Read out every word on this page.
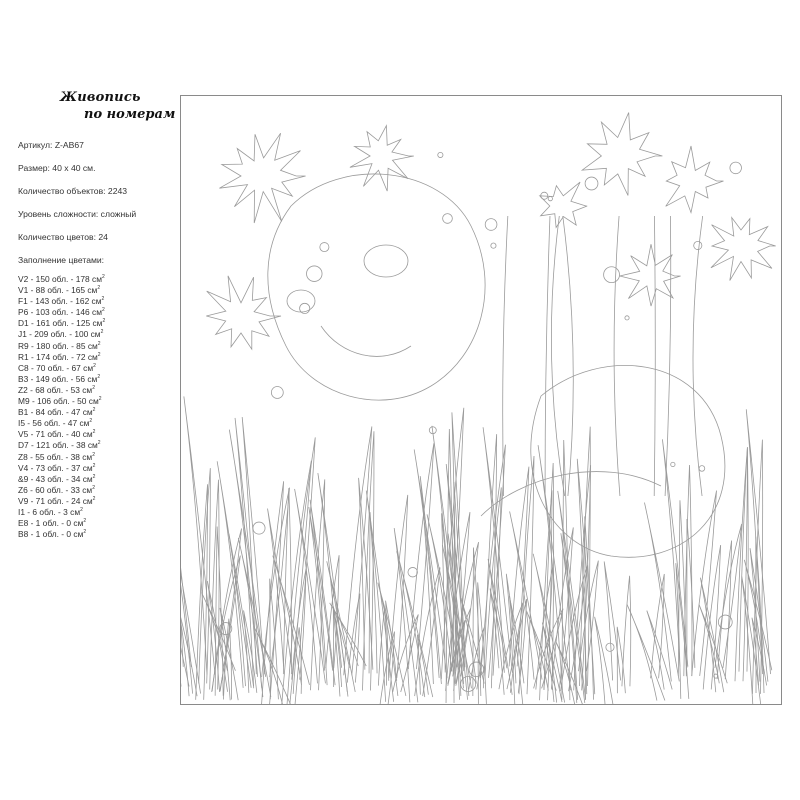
Живопись
по номерам
Артикул: Z-AB67
Размер: 40 x 40 см.
Количество объектов: 2243
Уровень сложности: сложный
Количество цветов: 24
Заполнение цветами:
V2 - 150 обл. - 178 $см^2$
V1 - 88 обл. - 165 $см^2$
F1 - 143 обл. - 162 $см^2$
P6 - 103 обл. - 146 $см^2$
D1 - 161 обл. - 125 $см^2$
J1 - 209 обл. - 100 $см^2$
R9 - 180 обл. - 85 $см^2$
R1 - 174 обл. - 72 $см^2$
C8 - 70 обл. - 67 $см^2$
B3 - 149 обл. - 56 $см^2$
Z2 - 68 обл. - 53 $см^2$
M9 - 106 обл. - 50 $см^2$
B1 - 84 обл. - 47 $см^2$
I5 - 56 обл. - 47 $см^2$
V5 - 71 обл. - 40 $см^2$
D7 - 121 обл. - 38 $см^2$
Z8 - 55 обл. - 38 $см^2$
V4 - 73 обл. - 37 $см^2$
&9 - 43 обл. - 34 $см^2$
Z6 - 60 обл. - 33 $см^2$
V9 - 71 обл. - 24 $см^2$
I1 - 6 обл. - 3 $см^2$
E8 - 1 обл. - 0 $см^2$
B8 - 1 обл. - 0 $см^2$
